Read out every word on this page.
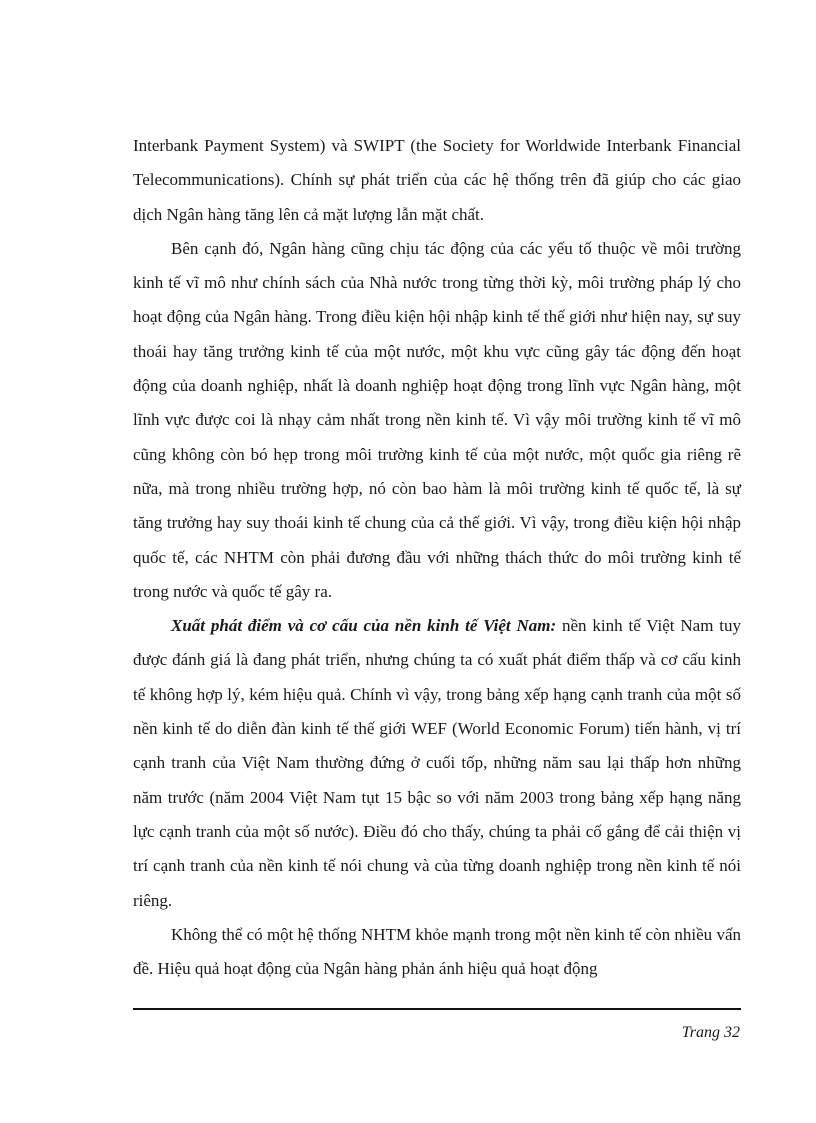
Interbank Payment System) và SWIPT (the Society for Worldwide Interbank Financial Telecommunications). Chính sự phát triển của các hệ thống trên đã giúp cho các giao dịch Ngân hàng tăng lên cả mặt lượng lẫn mặt chất.

Bên cạnh đó, Ngân hàng cũng chịu tác động của các yếu tố thuộc về môi trường kinh tế vĩ mô như chính sách của Nhà nước trong từng thời kỳ, môi trường pháp lý cho hoạt động của Ngân hàng. Trong điều kiện hội nhập kinh tế thế giới như hiện nay, sự suy thoái hay tăng trưởng kinh tế của một nước, một khu vực cũng gây tác động đến hoạt động của doanh nghiệp, nhất là doanh nghiệp hoạt động trong lĩnh vực Ngân hàng, một lĩnh vực được coi là nhạy cảm nhất trong nền kinh tế. Vì vậy môi trường kinh tế vĩ mô cũng không còn bó hẹp trong môi trường kinh tế của một nước, một quốc gia riêng rẽ nữa, mà trong nhiều trường hợp, nó còn bao hàm là môi trường kinh tế quốc tế, là sự tăng trưởng hay suy thoái kinh tế chung của cả thế giới. Vì vậy, trong điều kiện hội nhập quốc tế, các NHTM còn phải đương đầu với những thách thức do môi trường kinh tế trong nước và quốc tế gây ra.

Xuất phát điểm và cơ cấu của nền kinh tế Việt Nam: nền kinh tế Việt Nam tuy được đánh giá là đang phát triển, nhưng chúng ta có xuất phát điểm thấp và cơ cấu kinh tế không hợp lý, kém hiệu quả. Chính vì vậy, trong bảng xếp hạng cạnh tranh của một số nền kinh tế do diễn đàn kinh tế thế giới WEF (World Economic Forum) tiến hành, vị trí cạnh tranh của Việt Nam thường đứng ở cuối tốp, những năm sau lại thấp hơn những năm trước (năm 2004 Việt Nam tụt 15 bậc so với năm 2003 trong bảng xếp hạng năng lực cạnh tranh của một số nước). Điều đó cho thấy, chúng ta phải cố gắng để cải thiện vị trí cạnh tranh của nền kinh tế nói chung và của từng doanh nghiệp trong nền kinh tế nói riêng.

Không thể có một hệ thống NHTM khỏe mạnh trong một nền kinh tế còn nhiều vấn đề. Hiệu quả hoạt động của Ngân hàng phản ánh hiệu quả hoạt động

Trang 32
